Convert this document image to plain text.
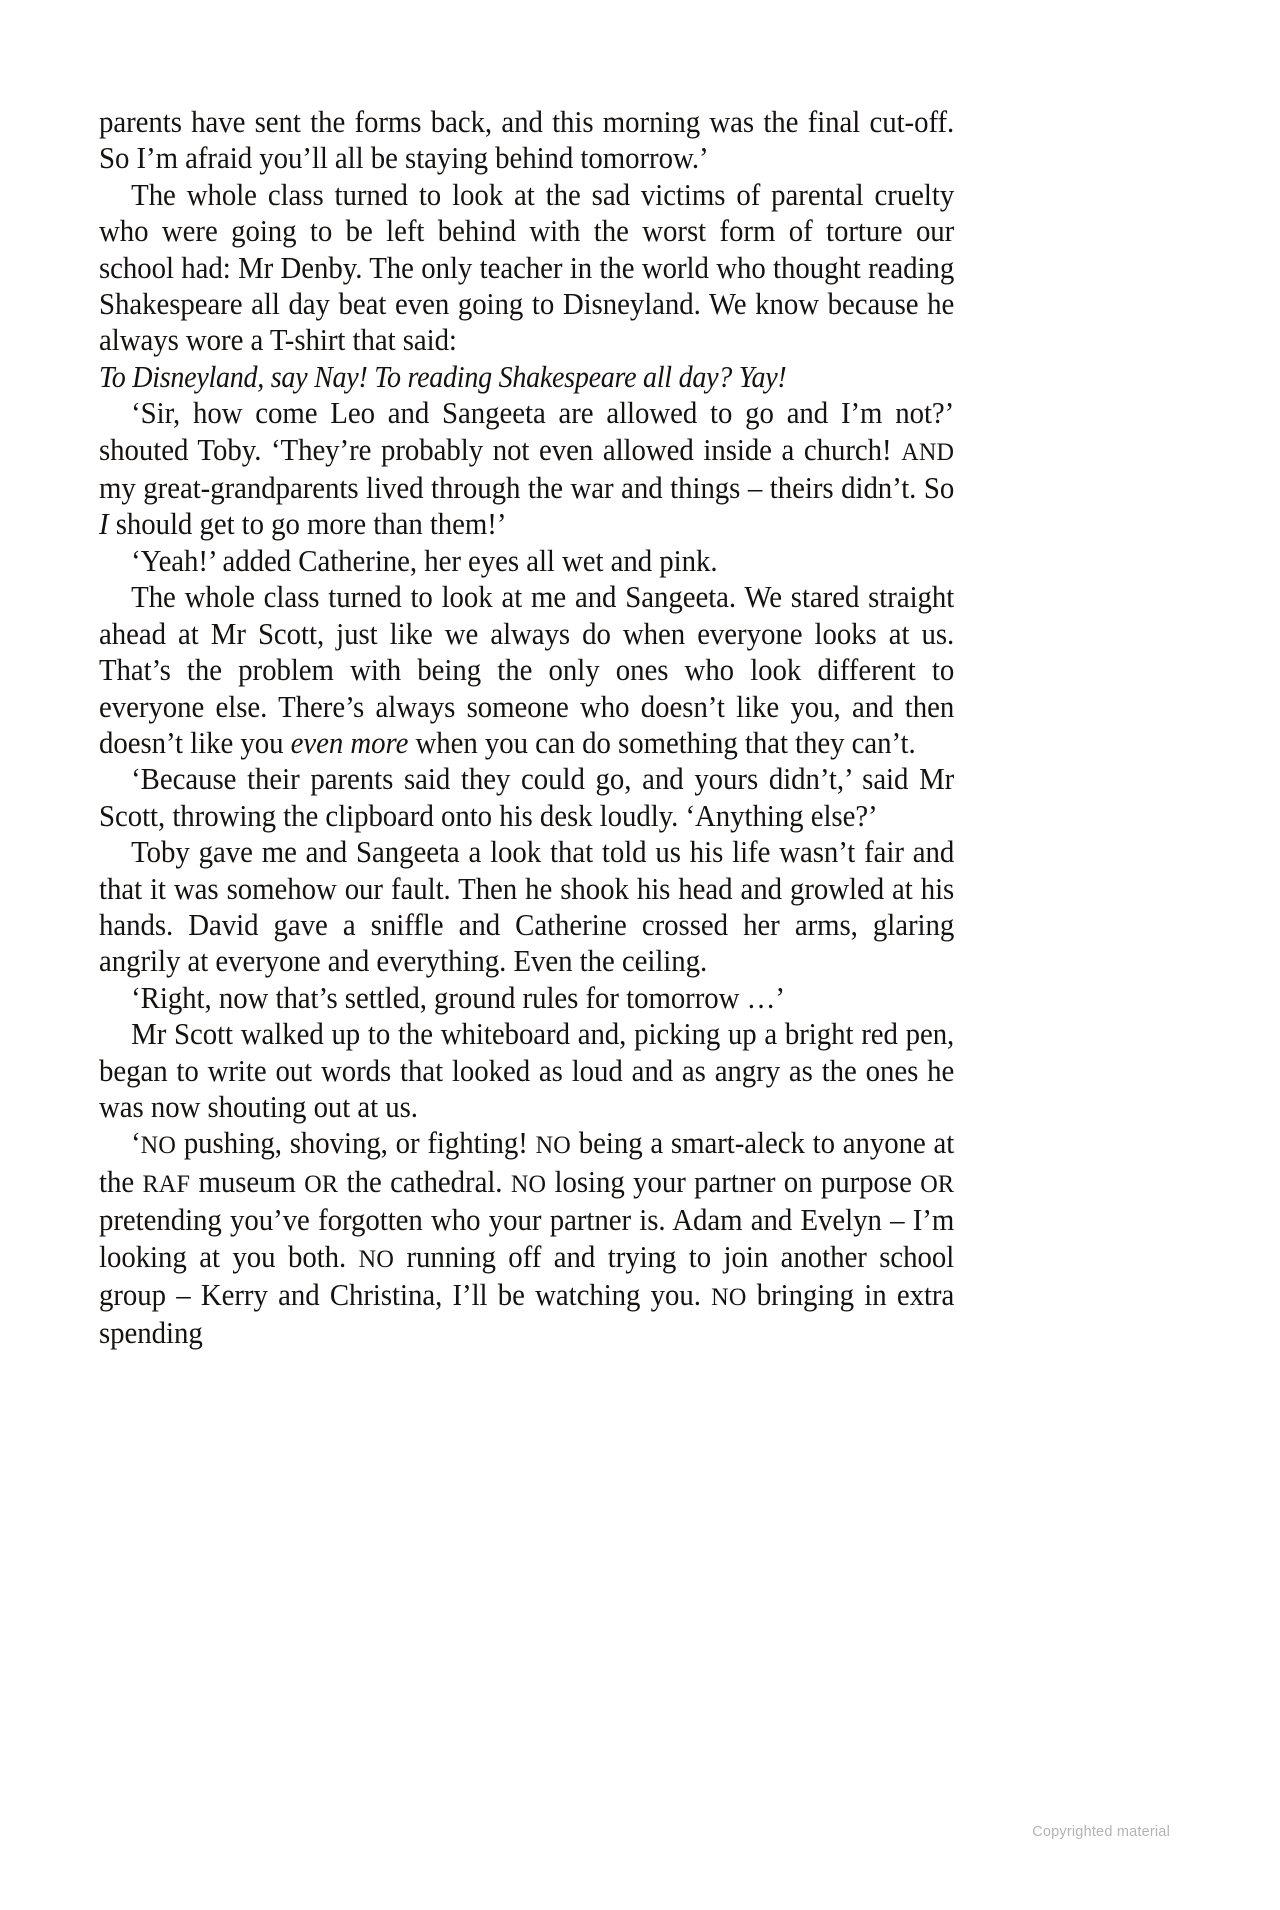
parents have sent the forms back, and this morning was the final cut-off. So I’m afraid you’ll all be staying behind tomorrow.’

The whole class turned to look at the sad victims of parental cruelty who were going to be left behind with the worst form of torture our school had: Mr Denby. The only teacher in the world who thought reading Shakespeare all day beat even going to Disneyland. We know because he always wore a T-shirt that said:

To Disneyland, say Nay! To reading Shakespeare all day? Yay!

‘Sir, how come Leo and Sangeeta are allowed to go and I’m not?’ shouted Toby. ‘They’re probably not even allowed inside a church! AND my great-grandparents lived through the war and things – theirs didn’t. So I should get to go more than them!’

‘Yeah!’ added Catherine, her eyes all wet and pink.

The whole class turned to look at me and Sangeeta. We stared straight ahead at Mr Scott, just like we always do when everyone looks at us. That’s the problem with being the only ones who look different to everyone else. There’s always someone who doesn’t like you, and then doesn’t like you even more when you can do something that they can’t.

‘Because their parents said they could go, and yours didn’t,’ said Mr Scott, throwing the clipboard onto his desk loudly. ‘Anything else?’

Toby gave me and Sangeeta a look that told us his life wasn’t fair and that it was somehow our fault. Then he shook his head and growled at his hands. David gave a sniffle and Catherine crossed her arms, glaring angrily at everyone and everything. Even the ceiling.

‘Right, now that’s settled, ground rules for tomorrow …’

Mr Scott walked up to the whiteboard and, picking up a bright red pen, began to write out words that looked as loud and as angry as the ones he was now shouting out at us.

‘NO pushing, shoving, or fighting! NO being a smart-aleck to anyone at the RAF museum OR the cathedral. NO losing your partner on purpose OR pretending you’ve forgotten who your partner is. Adam and Evelyn – I’m looking at you both. NO running off and trying to join another school group – Kerry and Christina, I’ll be watching you. NO bringing in extra spending

Copyrighted material
